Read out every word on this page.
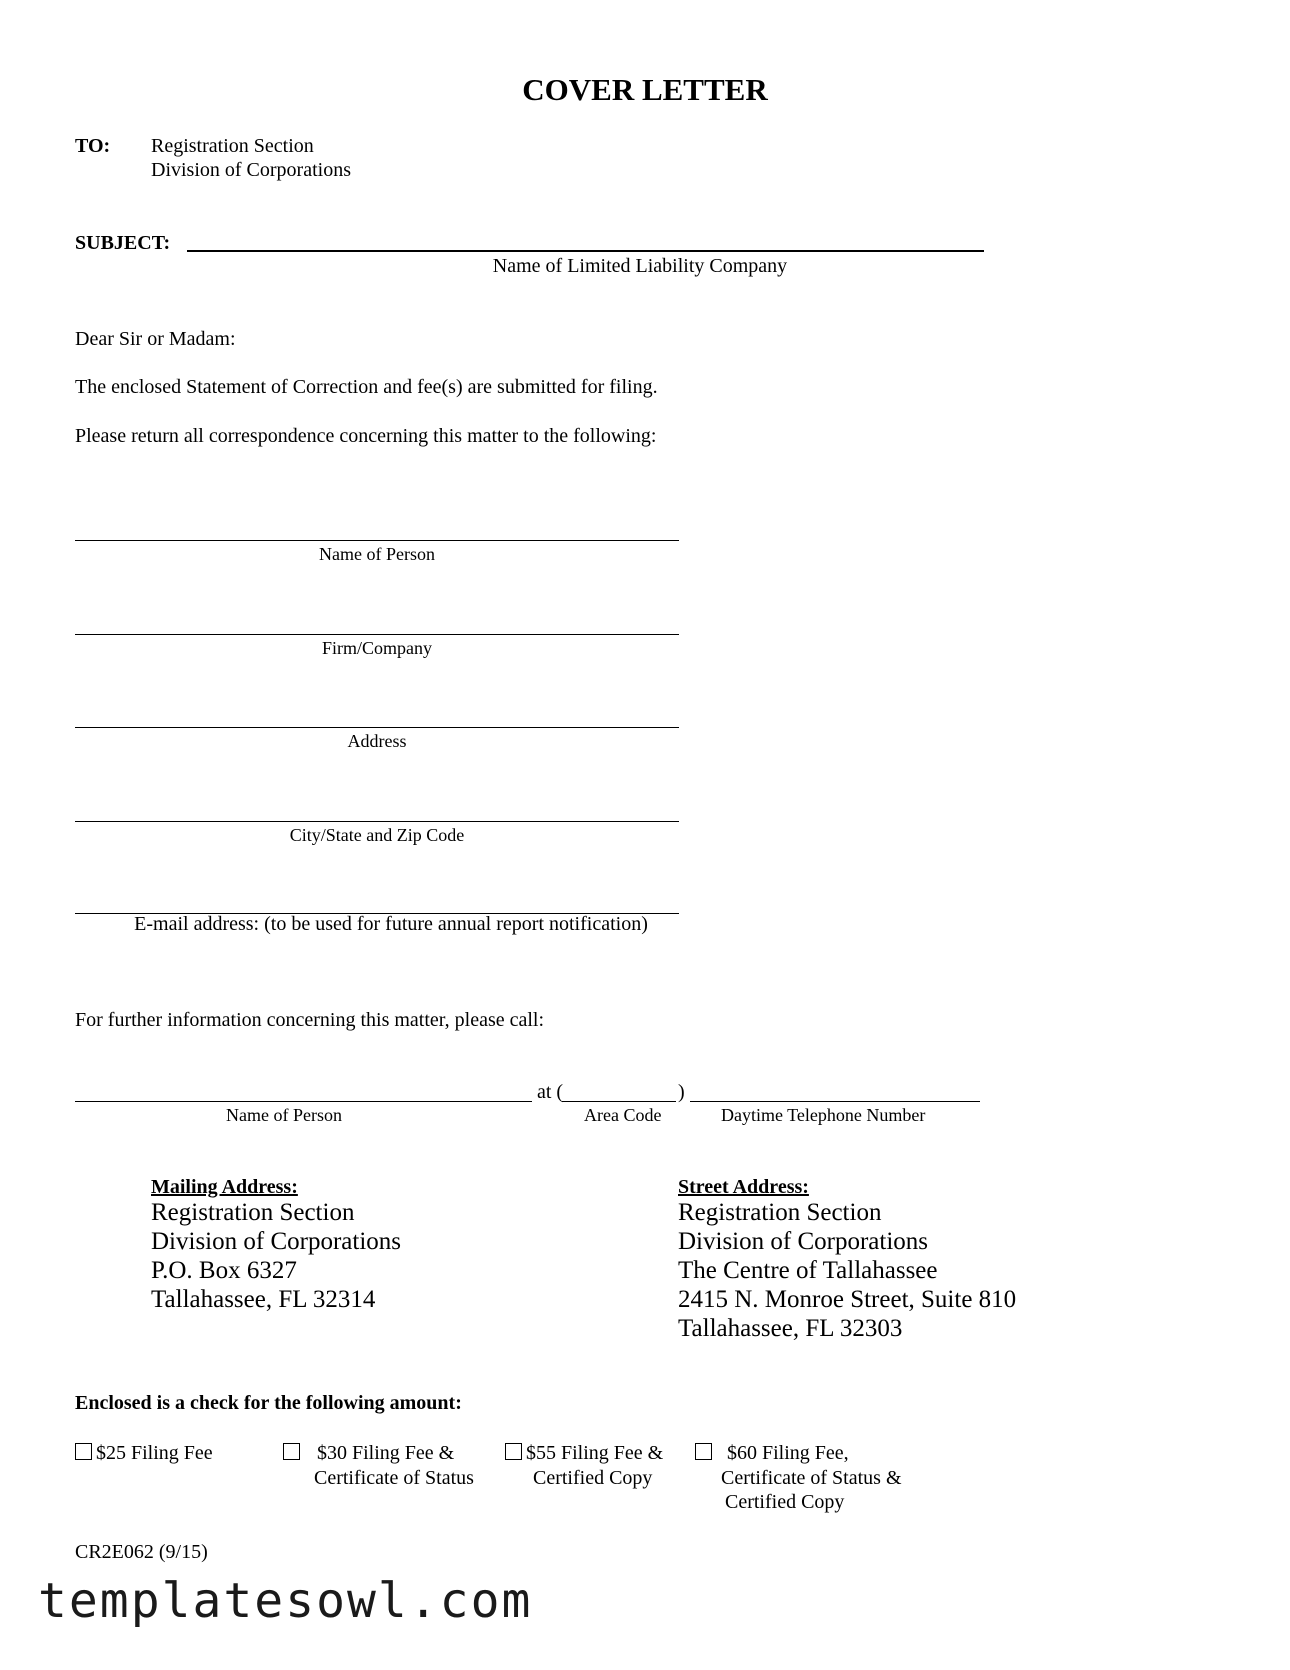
COVER LETTER
TO: Registration Section
Division of Corporations
SUBJECT:
Name of Limited Liability Company
Dear Sir or Madam:
The enclosed Statement of Correction and fee(s) are submitted for filing.
Please return all correspondence concerning this matter to the following:
Name of Person
Firm/Company
Address
City/State and Zip Code
E-mail address: (to be used for future annual report notification)
For further information concerning this matter, please call:
at (	)
Name of Person	Area Code	Daytime Telephone Number
Mailing Address:
Registration Section
Division of Corporations
P.O. Box 6327
Tallahassee, FL 32314
Street Address:
Registration Section
Division of Corporations
The Centre of Tallahassee
2415 N. Monroe Street, Suite 810
Tallahassee, FL 32303
Enclosed is a check for the following amount:
$25 Filing Fee	$30 Filing Fee &
Certificate of Status
$55 Filing Fee &
Certified Copy
$60 Filing Fee,
Certificate of Status &
Certified Copy
CR2E062 (9/15)
templatesowl.com
